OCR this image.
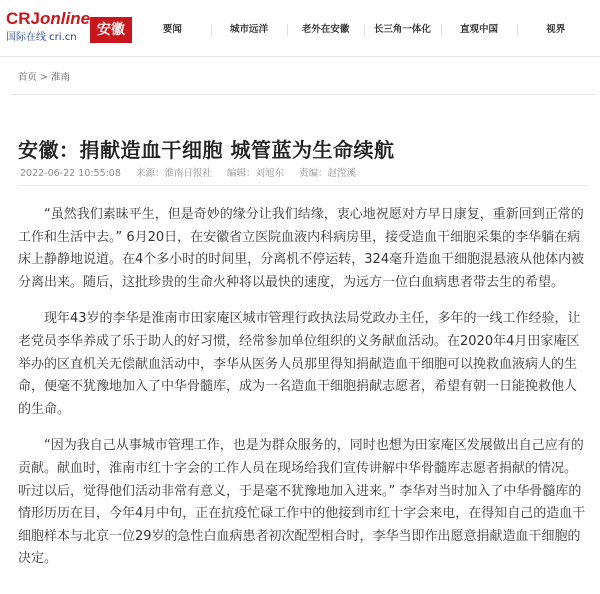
CRJonline
国际在线 cri.cn	安徽	要闻	城市远洋	老外在安徽	长三角一体化	直观中国	视界
首页 > 淮南
安徽：捐献造血干细胞 城管蓝为生命续航
2022-06-22 10:55:08 来源：淮南日报社 编辑：刘旭东 责编：赵滢溪

“虽然我们素昧平生，但是奇妙的缘分让我们结缘，衷心地祝愿对方早日康复，重新回到正常的工作和生活中去。” 6月20日，在安徽省立医院血液内科病房里，接受造血干细胞采集的李华躺在病床上静静地说道。在4个多小时的时间里，分离机不停运转，324毫升造血干细胞混悬液从他体内被分离出来。随后，这批珍贵的生命火种将以最快的速度，为远方一位白血病患者带去生的希望。

现年43岁的李华是淮南市田家庵区城市管理行政执法局党政办主任，多年的一线工作经验，让老党员李华养成了乐于助人的好习惯，经常参加单位组织的义务献血活动。在2020年4月田家庵区举办的区直机关无偿献血活动中，李华从医务人员那里得知捐献造血干细胞可以挽救血液病人的生命，便毫不犹豫地加入了中华骨髓库，成为一名造血干细胞捐献志愿者，希望有朝一日能挽救他人的生命。

“因为我自己从事城市管理工作，也是为群众服务的，同时也想为田家庵区发展做出自己应有的贡献。献血时，淮南市红十字会的工作人员在现场给我们宣传讲解中华骨髓库志愿者捐献的情况。听过以后，觉得他们活动非常有意义，于是毫不犹豫地加入进来。” 李华对当时加入了中华骨髓库的情形历历在目，今年4月中旬，正在抗疫忙碌工作中的他接到市红十字会来电，在得知自己的造血干细胞样本与北京一位29岁的急性白血病患者初次配型相合时，李华当即作出愿意捐献造血干细胞的决定。
